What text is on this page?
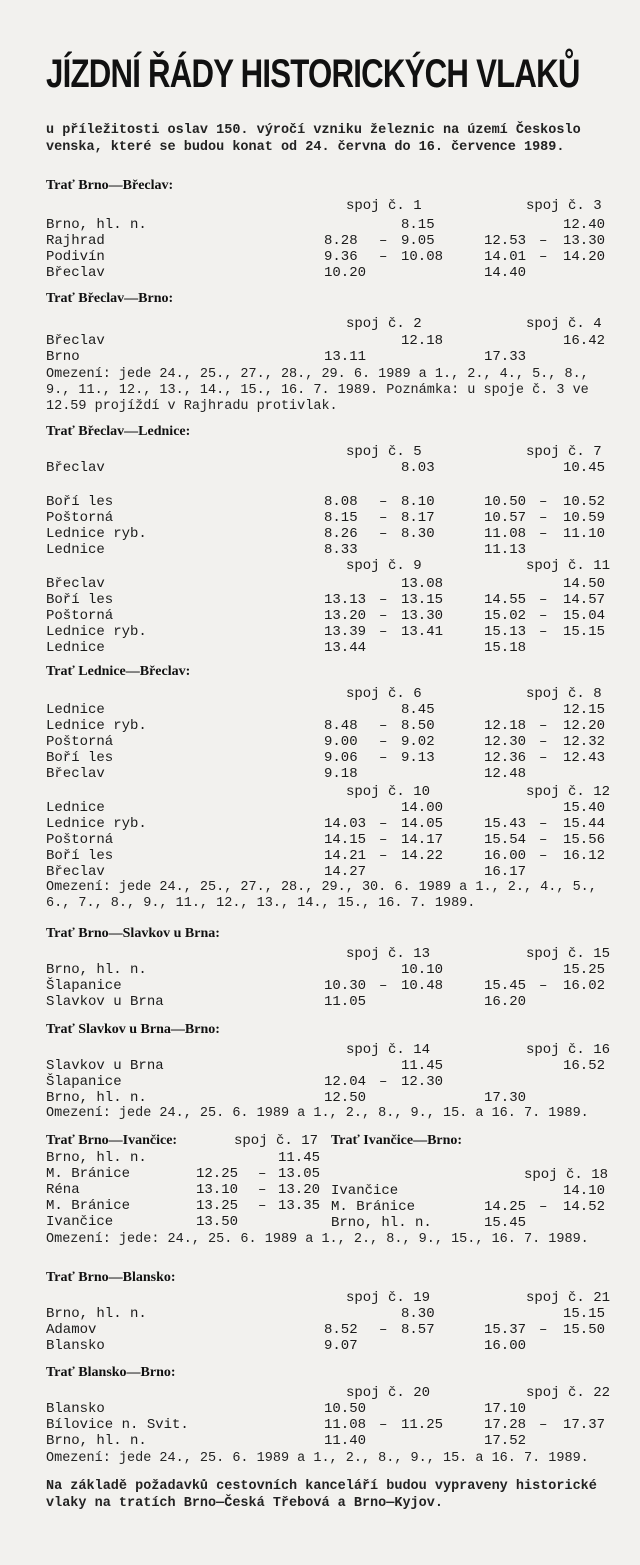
JÍZDNÍ ŘÁDY HISTORICKÝCH VLAKŮ
u příležitosti oslav 150. výročí vzniku železnic na území Českoslo venska, které se budou konat od 24. června do 16. července 1989.
Trať Brno—Břeclav:
spoj č. 1	spoj č. 3
Brno, hl. n.	8.15	12.40
Rajhrad	8.28 – 9.05	12.53 – 13.30
Podivín	9.36 – 10.08	14.01 – 14.20
Břeclav	10.20	14.40
Trať Břeclav—Brno:
spoj č. 2	spoj č. 4
Břeclav	12.18	16.42
Brno	13.11	17.33
Omezení: jede 24., 25., 27., 28., 29. 6. 1989 a 1., 2., 4., 5., 8., 9., 11., 12., 13., 14., 15., 16. 7. 1989. Poznámka: u spoje č. 3 ve 12.59 projíždí v Rajhradu protivlak.
Trať Břeclav—Lednice:
spoj č. 5	spoj č. 7
Břeclav	8.03	10.45
Boří les	8.08 – 8.10	10.50 – 10.52
Poštorná	8.15 – 8.17	10.57 – 10.59
Lednice ryb.	8.26 – 8.30	11.08 – 11.10
Lednice	8.33	11.13
spoj č. 9	spoj č. 11
Břeclav	13.08	14.50
Boří les	13.13 – 13.15	14.55 – 14.57
Poštorná	13.20 – 13.30	15.02 – 15.04
Lednice ryb.	13.39 – 13.41	15.13 – 15.15
Lednice	13.44	15.18
Trať Lednice—Břeclav:
spoj č. 6	spoj č. 8
Lednice	8.45	12.15
Lednice ryb.	8.48 – 8.50	12.18 – 12.20
Poštorná	9.00 – 9.02	12.30 – 12.32
Boří les	9.06 – 9.13	12.36 – 12.43
Břeclav	9.18	12.48
spoj č. 10	spoj č. 12
Lednice	14.00	15.40
Lednice ryb.	14.03 – 14.05	15.43 – 15.44
Poštorná	14.15 – 14.17	15.54 – 15.56
Boří les	14.21 – 14.22	16.00 – 16.12
Břeclav	14.27	16.17
Omezení: jede 24., 25., 27., 28., 29., 30. 6. 1989 a 1., 2., 4., 5., 6., 7., 8., 9., 11., 12., 13., 14., 15., 16. 7. 1989.
Trať Brno—Slavkov u Brna:
spoj č. 13	spoj č. 15
Brno, hl. n.	10.10	15.25
Šlapanice	10.30 – 10.48	15.45 – 16.02
Slavkov u Brna	11.05	16.20
Trať Slavkov u Brna—Brno:
spoj č. 14	spoj č. 16
Slavkov u Brna	11.45	16.52
Šlapanice	12.04 – 12.30
Brno, hl. n.	12.50	17.30
Omezení: jede 24., 25. 6. 1989 a 1., 2., 8., 9., 15. a 16. 7. 1989.
Trať Brno—Ivančice:	Trať Ivančice—Brno:
spoj č. 17
spoj č. 18
Brno, hl. n.	11.45
M. Bránice	12.25 – 13.05
Réna	13.10 – 13.20
M. Bránice	13.25 – 13.35
Ivančice	13.50
Ivančice	14.10
M. Bránice	14.25 – 14.52
Brno, hl. n.	15.45
Omezení: jede: 24., 25. 6. 1989 a 1., 2., 8., 9., 15., 16. 7. 1989.
Trať Brno—Blansko:
spoj č. 19	spoj č. 21
Brno, hl. n.	8.30	15.15
Adamov	8.52 – 8.57	15.37 – 15.50
Blansko	9.07	16.00
Trať Blansko—Brno:
spoj č. 20	spoj č. 22
Blansko	10.50	17.10
Bílovice n. Svit.	11.08 – 11.25	17.28 – 17.37
Brno, hl. n.	11.40	17.52
Omezení: jede 24., 25. 6. 1989 a 1., 2., 8., 9., 15. a 16. 7. 1989.
Na základě požadavků cestovních kanceláří budou vypraveny historické vlaky na tratích Brno—Česká Třebová a Brno—Kyjov.
